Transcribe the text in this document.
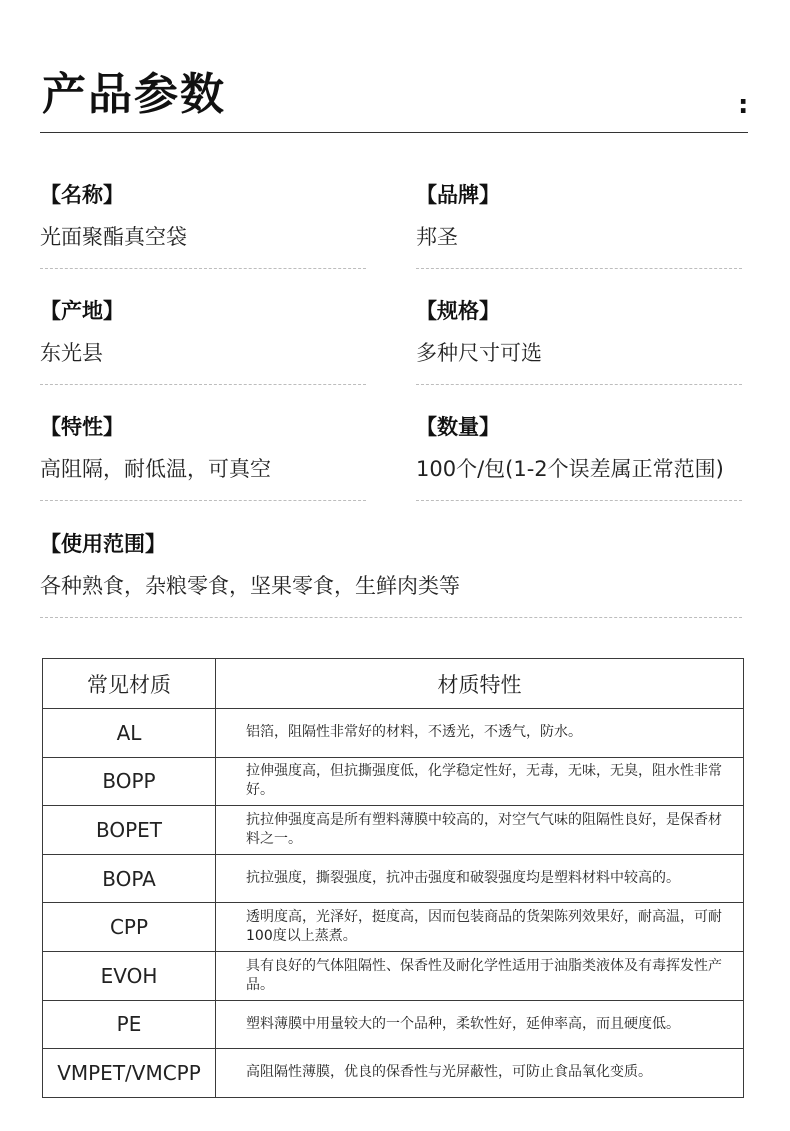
产品参数	:
【名称】
光面聚酯真空袋
【品牌】
邦圣
【产地】
东光县
【规格】
多种尺寸可选
【特性】
高阻隔，耐低温，可真空
【数量】
100个/包(1-2个误差属正常范围)
【使用范围】
各种熟食，杂粮零食，坚果零食，生鲜肉类等
常见材质	材质特性
AL	铝箔，阻隔性非常好的材料，不透光，不透气，防水。
BOPP	拉伸强度高，但抗撕强度低，化学稳定性好，无毒，无味，无臭，阻水性非常好。
BOPET	抗拉伸强度高是所有塑料薄膜中较高的，对空气气味的阻隔性良好，是保香材料之一。
BOPA	抗拉强度，撕裂强度，抗冲击强度和破裂强度均是塑料材料中较高的。
CPP	透明度高，光泽好，挺度高，因而包装商品的货架陈列效果好，耐高温，可耐100度以上蒸煮。
EVOH	具有良好的气体阻隔性、保香性及耐化学性适用于油脂类液体及有毒挥发性产品。
PE	塑料薄膜中用量较大的一个品种，柔软性好，延伸率高，而且硬度低。
VMPET/VMCPP	高阻隔性薄膜，优良的保香性与光屏蔽性，可防止食品氧化变质。
